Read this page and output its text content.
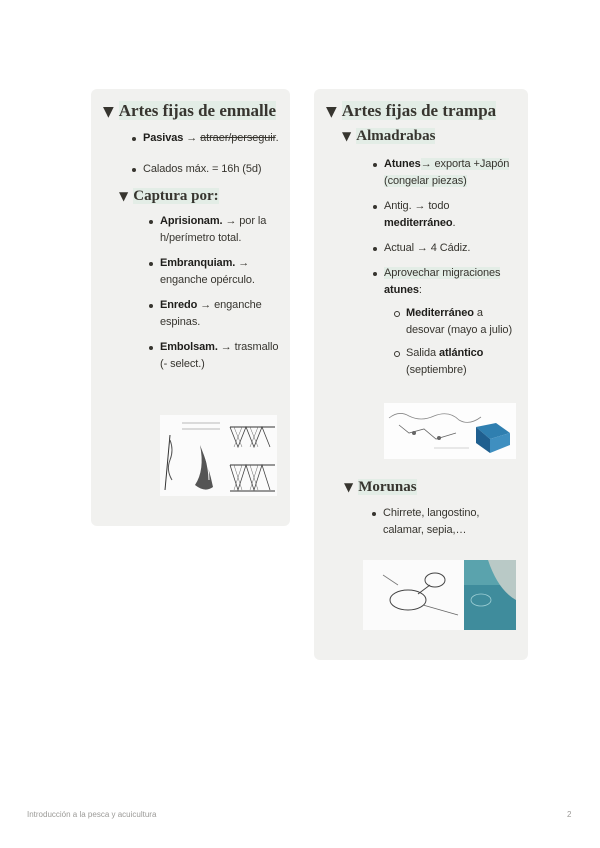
▼ Artes fijas de enmalle
Pasivas → atraer/perseguir.
Calados máx. = 16h (5d)
▼ Captura por:
Aprisionam. → por la h/perímetro total.
Embranquiam. → enganche opérculo.
Enredo → enganche espinas.
Embolsam. → trasmallo (- select.)
▼ Artes fijas de trampa
▼ Almadrabas
Atunes→ exporta +Japón (congelar piezas)
Antig. → todo mediterráneo.
Actual → 4 Cádiz.
Aprovechar migraciones atunes:
Mediterráneo a desovar (mayo a julio)
Salida atlántico (septiembre)
▼ Morunas
Chirrete, langostino, calamar, sepia,…
Introducción a la pesca y acuicultura	2
